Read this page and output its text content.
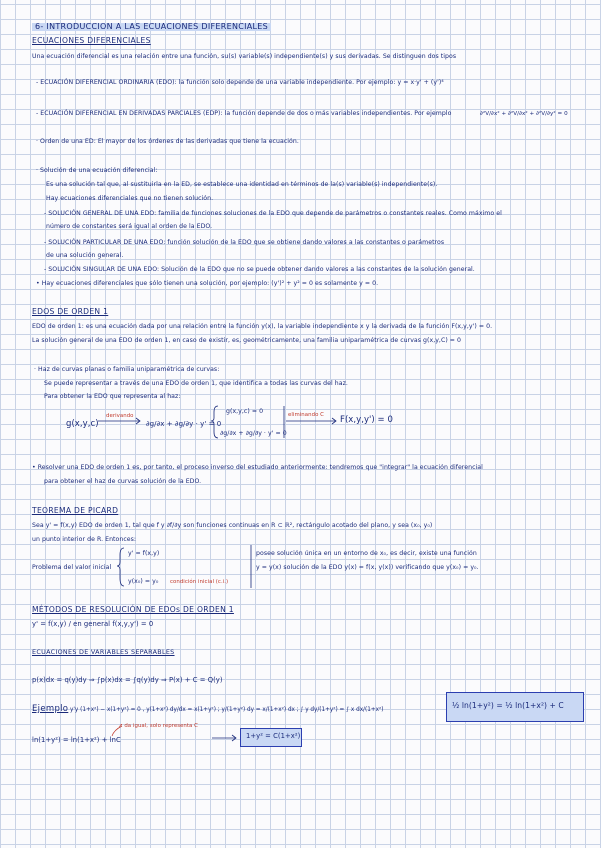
6- INTRODUCCION A LAS ECUACIONES DIFERENCIALES
ECUACIONES DIFERENCIALES
Una ecuación diferencial es una relación entre una función, su(s) variable(s) independiente(s) y sus derivadas. Se distinguen dos tipos
- ECUACIÓN DIFERENCIAL ORDINARIA (EDO): la función solo depende de una variable independiente. Por ejemplo: y = x·y' + (y')⁴
- ECUACIÓN DIFERENCIAL EN DERIVADAS PARCIALES (EDP): la función depende de dos o más variables independientes. Por ejemplo	∂²V/∂x² + ∂²V/∂x² + ∂²V/∂y² = 0
· Orden de una ED: El mayor de los órdenes de las derivadas que tiene la ecuación.
· Solución de una ecuación diferencial:
Es una solución tal que, al sustituirla en la ED, se establece una identidad en términos de la(s) variable(s) independiente(s).
Hay ecuaciones diferenciales que no tienen solución.
- SOLUCIÓN GENERAL DE UNA EDO: familia de funciones soluciones de la EDO que depende de parámetros o constantes reales. Como máximo el
número de constantes será igual al orden de la EDO.
- SOLUCIÓN PARTICULAR DE UNA EDO: función solución de la EDO que se obtiene dando valores a las constantes o parámetros
de una solución general.
- SOLUCIÓN SINGULAR DE UNA EDO: Solución de la EDO que no se puede obtener dando valores a las constantes de la solución general.
• Hay ecuaciones diferenciales que sólo tienen una solución, por ejemplo: (y')² + y² = 0 es solamente y = 0.
EDOS DE ORDEN 1
EDO de orden 1: es una ecuación dada por una relación entre la función y(x), la variable independiente x y la derivada de la función F(x,y,y') = 0.
La solución general de una EDO de orden 1, en caso de existir, es, geométricamente, una familia uniparamétrica de curvas g(x,y,C) = 0
· Haz de curvas planas o familia uniparamétrica de curvas:
Se puede representar a través de una EDO de orden 1, que identifica a todas las curvas del haz.
Para obtener la EDO que representa al haz:
g(x,y,c)
derivando
∂g/∂x + ∂g/∂y · y' = 0
g(x,y,c) = 0
∂g/∂x + ∂g/∂y · y' = 0
eliminando C F(x,y,y') = 0
• Resolver una EDO de orden 1 es, por tanto, el proceso inverso del estudiado anteriormente: tendremos que "integrar" la ecuación diferencial
para obtener el haz de curvas solución de la EDO.
TEOREMA DE PICARD
Sea y' = f(x,y) EDO de orden 1, tal que f y ∂f/∂y son funciones continuas en R ⊂ ℝ², rectángulo acotado del plano, y sea (x₀, y₀)
un punto interior de R. Entonces:
Problema del valor inicial
y' = f(x,y)
y(x₀) = y₀ condición inicial (c.i.)
posee solución única en un entorno de x₀, es decir, existe una función
y = y(x) solución de la EDO y(x) = f(x, y(x)) verificando que y(x₀) = y₀.
MÉTODOS DE RESOLUCIÓN DE EDOs DE ORDEN 1
y' = f(x,y) / en general f(x,y,y') = 0
ECUACIONES DE VARIABLES SEPARABLES
p(x)dx = q(y)dy ⇒ ∫p(x)dx = ∫q(y)dy ⇒ P(x) + C = Q(y)
Ejemplo y'y (1+x²) − x(1+y²) = 0 , y(1+x²) dy/dx = x(1+y²) ; y/(1+y²) dy = x/(1+x²) dx ; ∫ y dy/(1+y²) = ∫ x dx/(1+x²)	½ ln(1+y²) = ½ ln(1+x²) + C
↗ da igual, solo representa C
ln(1+y²) = ln(1+x²) + lnC	1+y² = C(1+x²)
